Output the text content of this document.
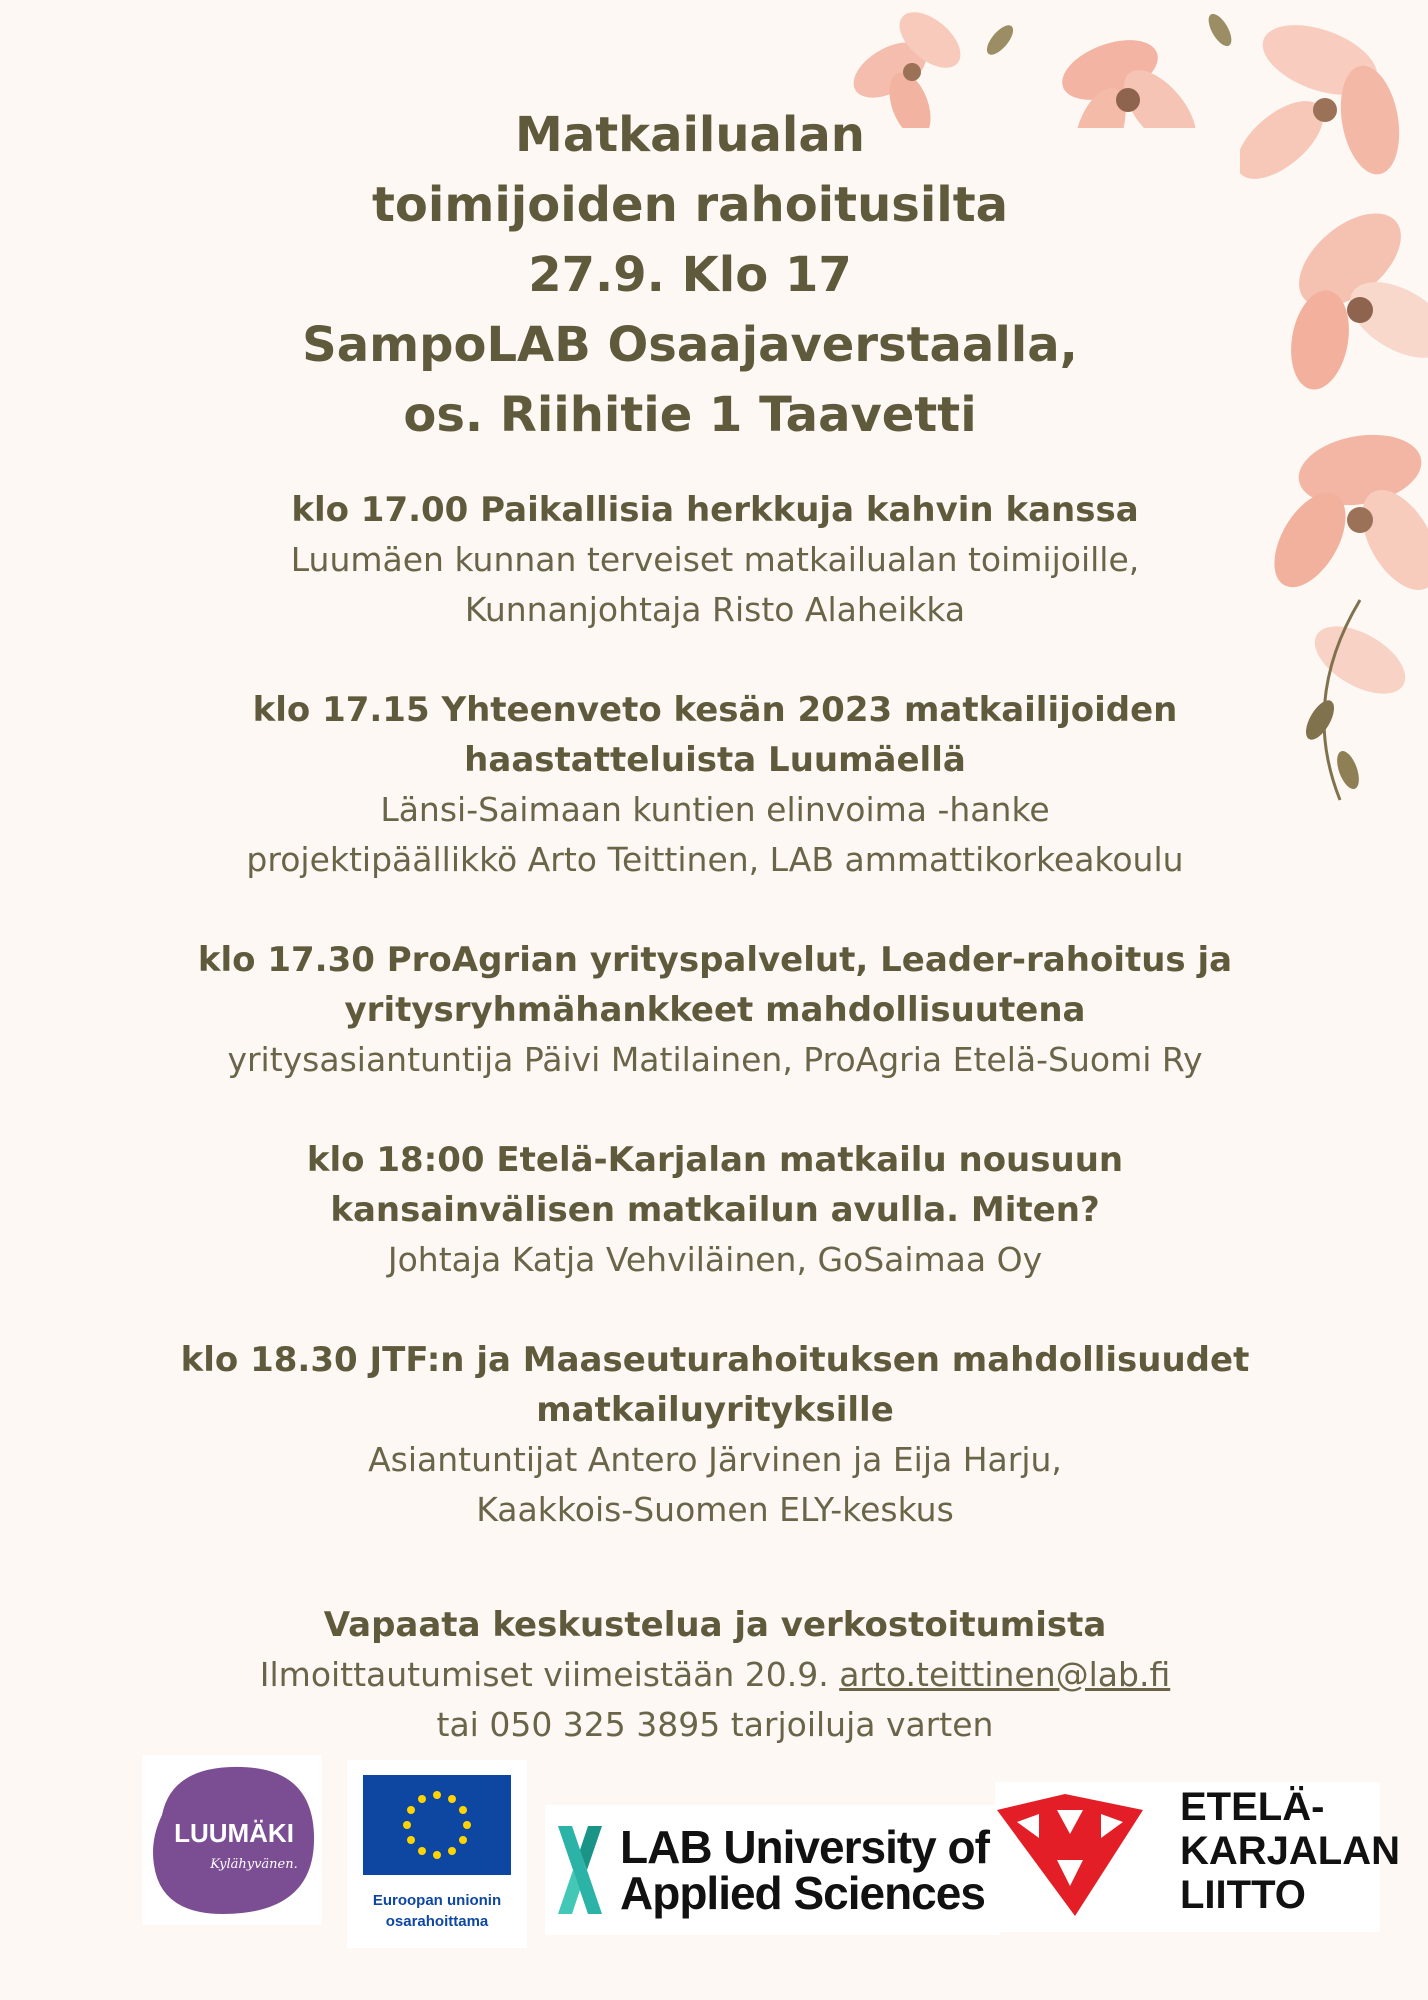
Matkailualan
toimijoiden rahoitusilta
27.9. Klo 17
SampoLAB Osaajaverstaalla,
os. Riihitie 1 Taavetti
klo 17.00 Paikallisia herkkuja kahvin kanssa
Luumäen kunnan terveiset matkailualan toimijoille,
Kunnanjohtaja Risto Alaheikka
klo 17.15 Yhteenveto kesän 2023 matkailijoiden
haastatteluista Luumäellä
Länsi-Saimaan kuntien elinvoima -hanke
projektipäällikkö Arto Teittinen, LAB ammattikorkeakoulu
klo 17.30 ProAgrian yrityspalvelut, Leader-rahoitus ja
yritysryhmähankkeet mahdollisuutena
yritysasiantuntija Päivi Matilainen, ProAgria Etelä-Suomi Ry
klo 18:00 Etelä-Karjalan matkailu nousuun
kansainvälisen matkailun avulla. Miten?
Johtaja Katja Vehviläinen, GoSaimaa Oy
klo 18.30 JTF:n ja Maaseuturahoituksen mahdollisuudet
matkailuyrityksille
Asiantuntijat Antero Järvinen ja Eija Harju,
Kaakkois-Suomen ELY-keskus
Vapaata keskustelua ja verkostoitumista
Ilmoittautumiset viimeistään 20.9. arto.teittinen@lab.fi
tai 050 325 3895 tarjoiluja varten
LUUMÄKI
Kylähyvänen.
Euroopan unionin
osarahoittama
LAB University of
Applied Sciences
ETELÄ-
KARJALAN
LIITTO
